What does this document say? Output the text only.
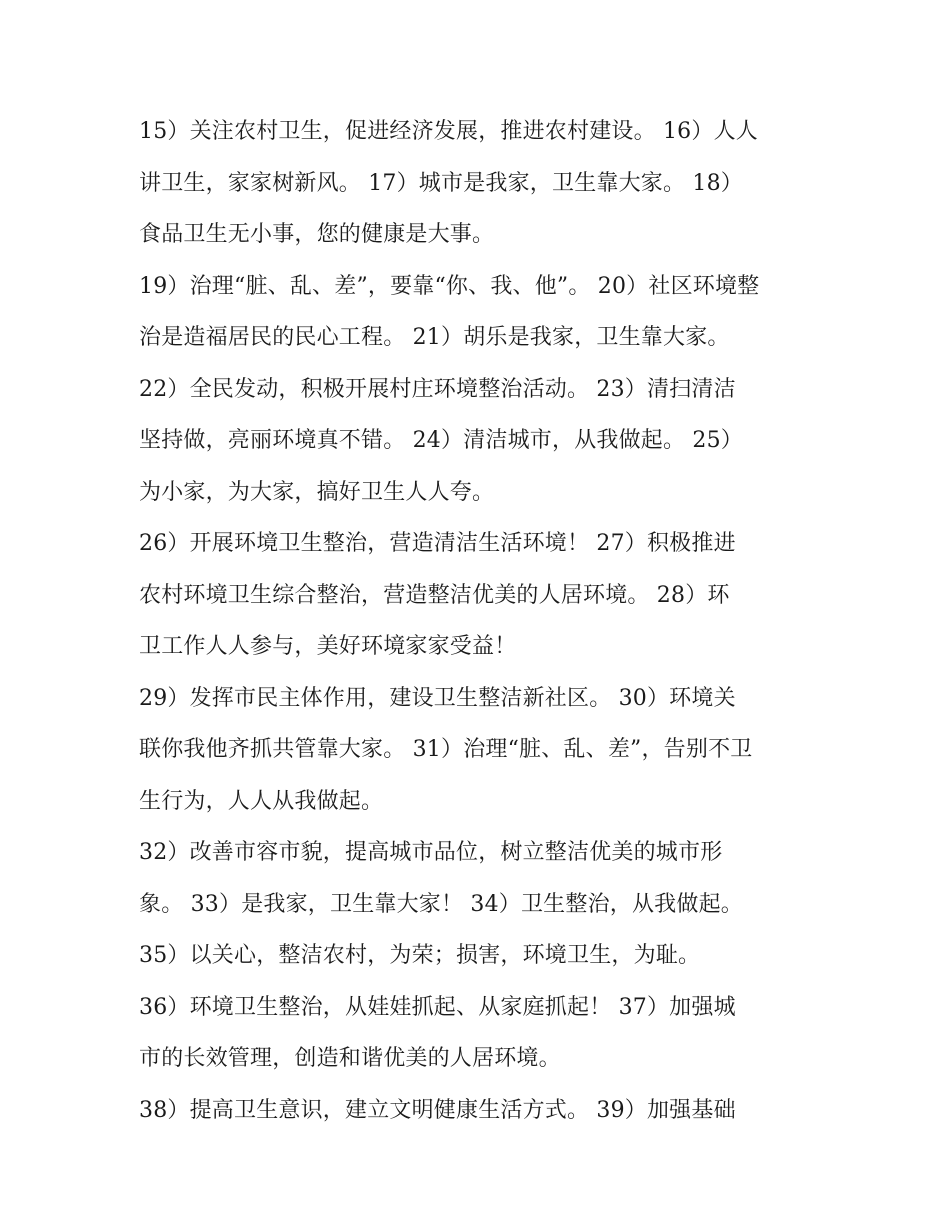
15）关注农村卫生，促进经济发展，推进农村建设。 16）人人
讲卫生，家家树新风。 17）城市是我家，卫生靠大家。 18）
食品卫生无小事，您的健康是大事。

19）治理“脏、乱、差”，要靠“你、我、他”。 20）社区环境整
治是造福居民的民心工程。 21）胡乐是我家，卫生靠大家。

22）全民发动，积极开展村庄环境整治活动。 23）清扫清洁
坚持做，亮丽环境真不错。 24）清洁城市，从我做起。 25）
为小家，为大家，搞好卫生人人夸。

26）开展环境卫生整治，营造清洁生活环境！ 27）积极推进
农村环境卫生综合整治，营造整洁优美的人居环境。 28）环
卫工作人人参与，美好环境家家受益！

29）发挥市民主体作用，建设卫生整洁新社区。 30）环境关
联你我他齐抓共管靠大家。 31）治理“脏、乱、差”，告别不卫
生行为，人人从我做起。

32）改善市容市貌，提高城市品位，树立整洁优美的城市形
象。 33）是我家，卫生靠大家！ 34）卫生整治，从我做起。

35）以关心，整洁农村，为荣；损害，环境卫生，为耻。

36）环境卫生整治，从娃娃抓起、从家庭抓起！ 37）加强城
市的长效管理，创造和谐优美的人居环境。

38）提高卫生意识，建立文明健康生活方式。 39）加强基础
